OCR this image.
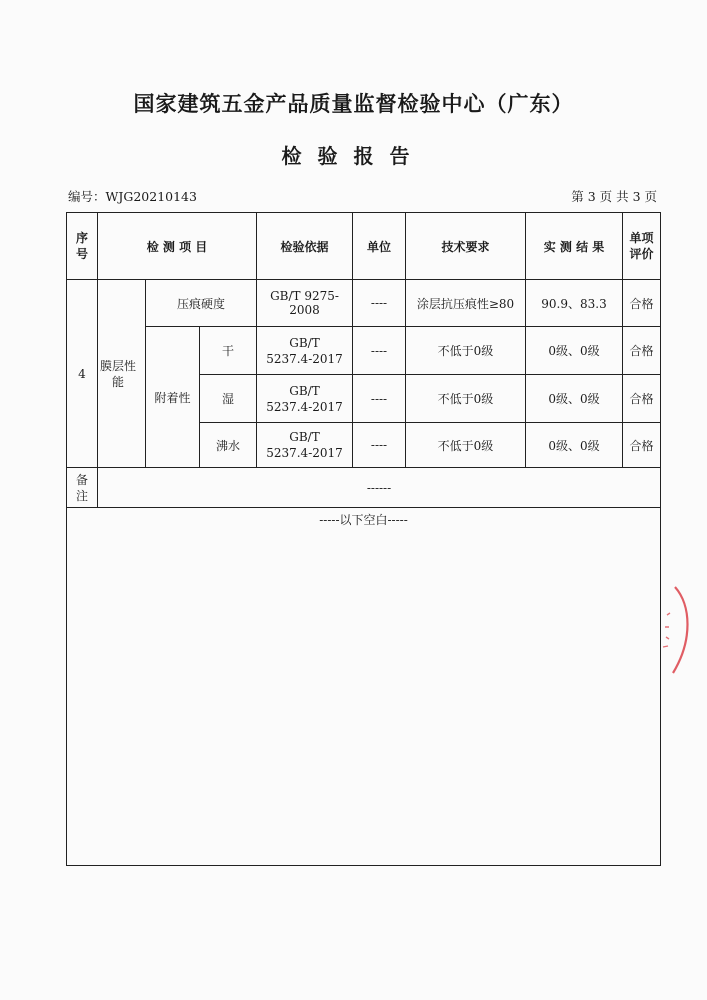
国家建筑五金产品质量监督检验中心（广东）
检验报告
编号：WJG20210143	第 3 页 共 3 页
序号	检 测 项 目			检验依据	单位	技术要求	实 测 结 果	单项评价

4	膜层性能	压痕硬度		GB/T 9275-2008	----	涂层抗压痕性≥80	90.9、83.3	合格
		附着性	干	GB/T 5237.4-2017	----	不低于0级	0级、0级	合格
			湿	GB/T 5237.4-2017	----	不低于0级	0级、0级	合格
			沸水	GB/T 5237.4-2017	----	不低于0级	0级、0级	合格

备注	------							
-----以下空白-----								
